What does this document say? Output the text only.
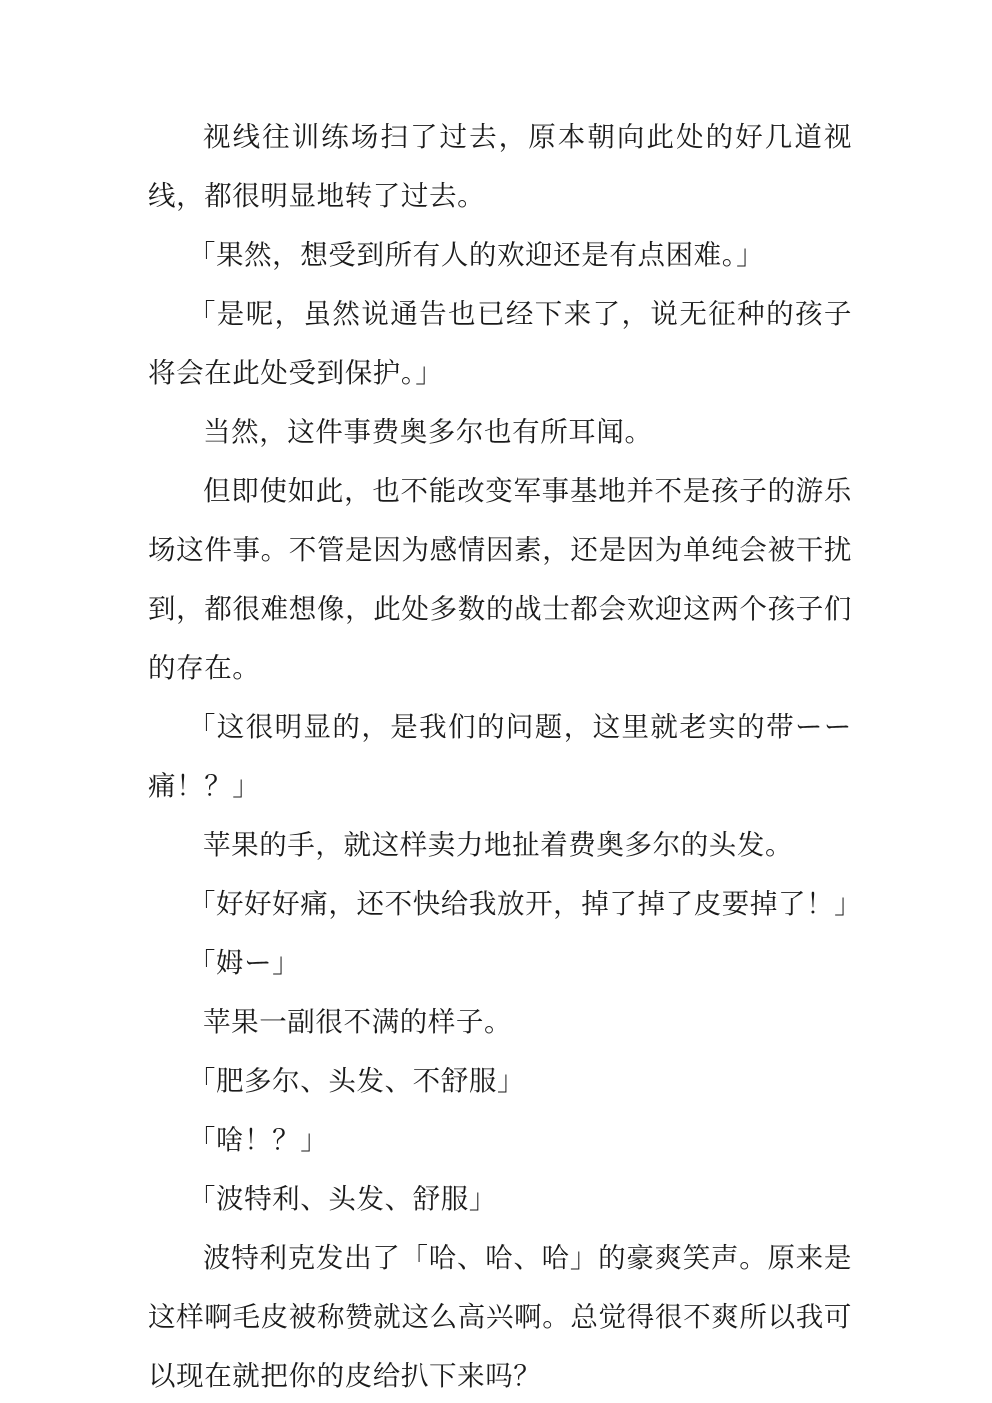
视线往训练场扫了过去，原本朝向此处的好几道视线，都很明显地转了过去。

「果然，想受到所有人的欢迎还是有点困难。」

「是呢，虽然说通告也已经下来了，说无征种的孩子将会在此处受到保护。」

当然，这件事费奥多尔也有所耳闻。

但即使如此，也不能改变军事基地并不是孩子的游乐场这件事。不管是因为感情因素，还是因为单纯会被干扰到，都很难想像，此处多数的战士都会欢迎这两个孩子们的存在。

「这很明显的，是我们的问题，这里就老实的带ーー痛！？」

苹果的手，就这样卖力地扯着费奥多尔的头发。

「好好好痛，还不快给我放开，掉了掉了皮要掉了！」

「姆ー」

苹果一副很不满的样子。

「肥多尔、头发、不舒服」

「啥！？」

「波特利、头发、舒服」

波特利克发出了「哈、哈、哈」的豪爽笑声。原来是这样啊毛皮被称赞就这么高兴啊。总觉得很不爽所以我可以现在就把你的皮给扒下来吗？
